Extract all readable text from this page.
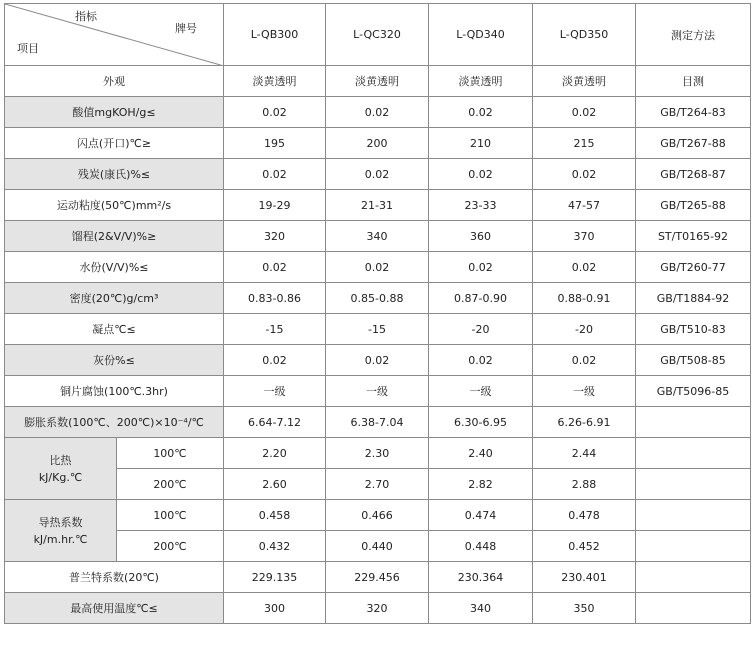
指标
牌号
项目		L-QB300	L-QC320	L-QD340	L-QD350	测定方法
外观		淡黄透明	淡黄透明	淡黄透明	淡黄透明	目测
酸值mgKOH/g≤		0.02	0.02	0.02	0.02	GB/T264-83
闪点(开口)℃≥		195	200	210	215	GB/T267-88
残炭(康氏)%≤		0.02	0.02	0.02	0.02	GB/T268-87
运动粘度(50℃)mm²/s		19-29	21-31	23-33	47-57	GB/T265-88
馏程(2&V/V)%≥		320	340	360	370	ST/T0165-92
水份(V/V)%≤		0.02	0.02	0.02	0.02	GB/T260-77
密度(20℃)g/cm³		0.83-0.86	0.85-0.88	0.87-0.90	0.88-0.91	GB/T1884-92
凝点℃≤		-15	-15	-20	-20	GB/T510-83
灰份%≤		0.02	0.02	0.02	0.02	GB/T508-85
铜片腐蚀(100℃.3hr)		一级	一级	一级	一级	GB/T5096-85
膨胀系数(100℃、200℃)×10⁻⁴/℃		6.64-7.12	6.38-7.04	6.30-6.95	6.26-6.91	
比热
kJ/Kg.℃	100℃	2.20	2.30	2.40	2.44	
	200℃	2.60	2.70	2.82	2.88	
导热系数
kJ/m.hr.℃	100℃	0.458	0.466	0.474	0.478	
	200℃	0.432	0.440	0.448	0.452	
普兰特系数(20℃)		229.135	229.456	230.364	230.401	
最高使用温度℃≤		300	320	340	350	
